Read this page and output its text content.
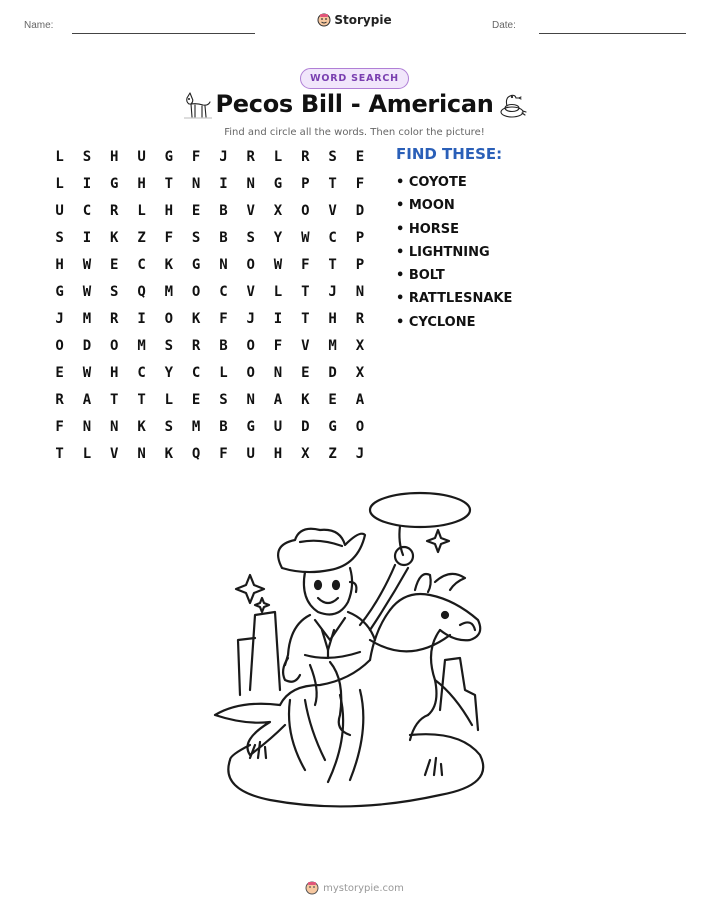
Name:	Storypie	Date:
WORD SEARCH
Pecos Bill - American
Find and circle all the words. Then color the picture!
L	S	H	U	G	F	J	R	L	R	S	E
L	I	G	H	T	N	I	N	G	P	T	F
U	C	R	L	H	E	B	V	X	O	V	D
S	I	K	Z	F	S	B	S	Y	W	C	P
H	W	E	C	K	G	N	O	W	F	T	P
G	W	S	Q	M	O	C	V	L	T	J	N
J	M	R	I	O	K	F	J	I	T	H	R
O	D	O	M	S	R	B	O	F	V	M	X
E	W	H	C	Y	C	L	O	N	E	D	X
R	A	T	T	L	E	S	N	A	K	E	A
F	N	N	K	S	M	B	G	U	D	G	O
T	L	V	N	K	Q	F	U	H	X	Z	J
FIND THESE:
• COYOTE
• MOON
• HORSE
• LIGHTNING
• BOLT
• RATTLESNAKE
• CYCLONE
mystorypie.com
